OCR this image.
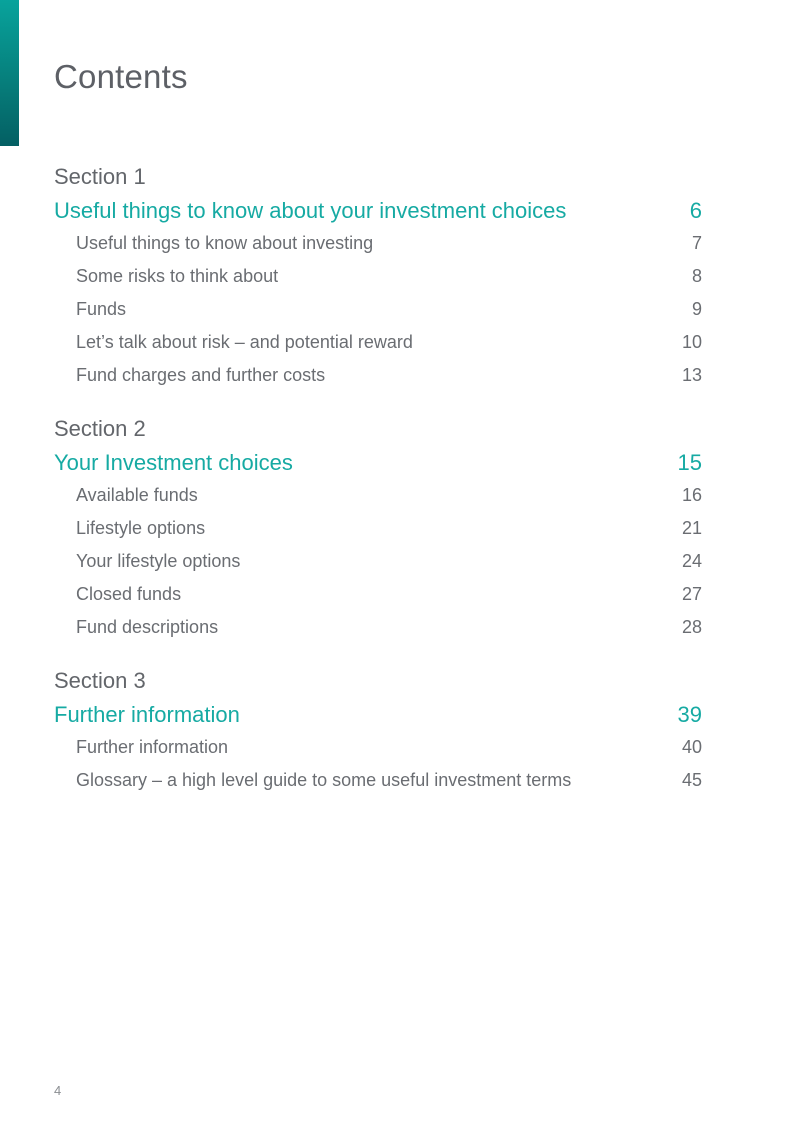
Contents
Section 1
Useful things to know about your investment choices	6
Useful things to know about investing	7
Some risks to think about	8
Funds	9
Let’s talk about risk – and potential reward	10
Fund charges and further costs	13
Section 2
Your Investment choices	15
Available funds	16
Lifestyle options	21
Your lifestyle options	24
Closed funds	27
Fund descriptions	28
Section 3
Further information	39
Further information	40
Glossary – a high level guide to some useful investment terms	45
4
